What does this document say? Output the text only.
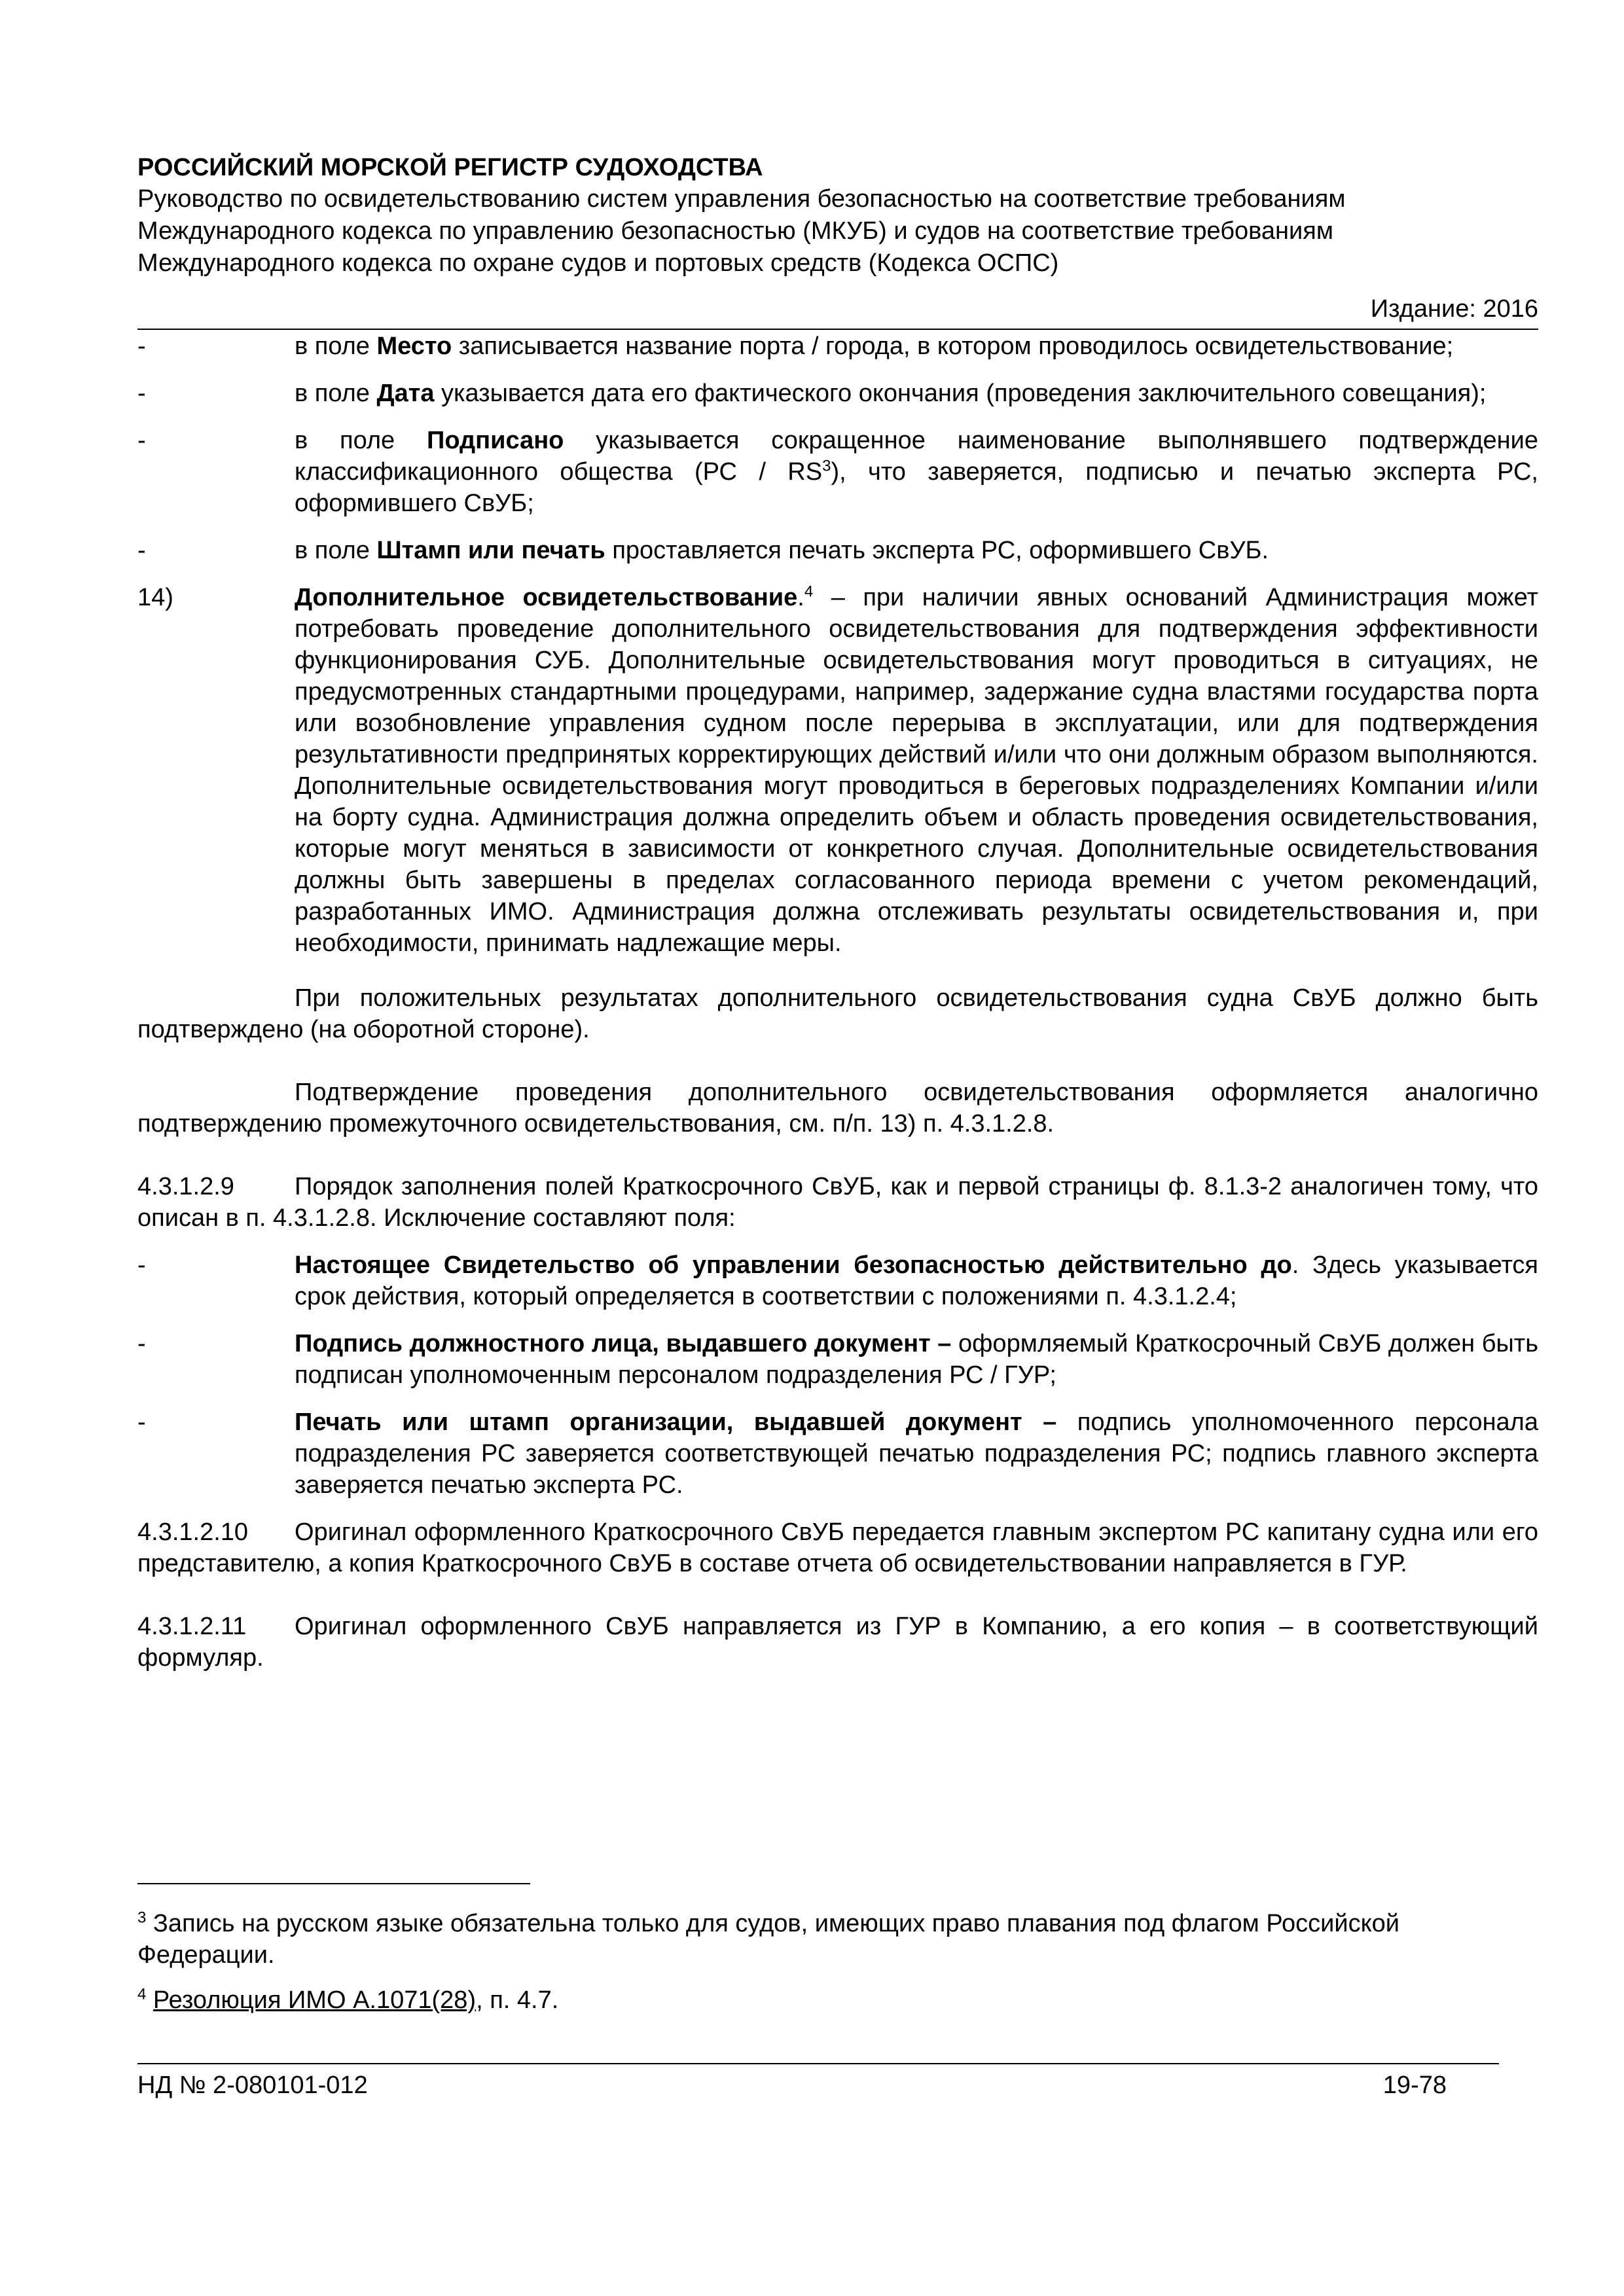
РОССИЙСКИЙ МОРСКОЙ РЕГИСТР СУДОХОДСТВА
Руководство по освидетельствованию систем управления безопасностью на соответствие требованиям
Международного кодекса по управлению безопасностью (МКУБ) и судов на соответствие требованиям
Международного кодекса по охране судов и портовых средств (Кодекса ОСПС)
Издание: 2016
-	в поле Место записывается название порта / города, в котором проводилось освидетельствование;
-	в поле Дата указывается дата его фактического окончания (проведения заключительного совещания);
-	в поле Подписано указывается сокращенное наименование выполнявшего подтверждение классификационного общества $(РС / RS^3)$, что заверяется, подписью и печатью эксперта РС, оформившего СвУБ;
-	в поле Штамп или печать проставляется печать эксперта РС, оформившего СвУБ.
14)	Дополнительное освидетельствование.$^4$ – при наличии явных оснований Администрация может потребовать проведение дополнительного освидетельствования для подтверждения эффективности функционирования СУБ. Дополнительные освидетельствования могут проводиться в ситуациях, не предусмотренных стандартными процедурами, например, задержание судна властями государства порта или возобновление управления судном после перерыва в эксплуатации, или для подтверждения результативности предпринятых корректирующих действий и/или что они должным образом выполняются. Дополнительные освидетельствования могут проводиться в береговых подразделениях Компании и/или на борту судна. Администрация должна определить объем и область проведения освидетельствования, которые могут меняться в зависимости от конкретного случая. Дополнительные освидетельствования должны быть завершены в пределах согласованного периода времени с учетом рекомендаций, разработанных ИМО. Администрация должна отслеживать результаты освидетельствования и, при необходимости, принимать надлежащие меры.
При положительных результатах дополнительного освидетельствования судна СвУБ должно быть подтверждено (на оборотной стороне).
Подтверждение проведения дополнительного освидетельствования оформляется аналогично подтверждению промежуточного освидетельствования, см. п/п. 13) п. 4.3.1.2.8.
4.3.1.2.9 Порядок заполнения полей Краткосрочного СвУБ, как и первой страницы ф. 8.1.3-2 аналогичен тому, что описан в п. 4.3.1.2.8. Исключение составляют поля:
-	Настоящее Свидетельство об управлении безопасностью действительно до. Здесь указывается срок действия, который определяется в соответствии с положениями п. 4.3.1.2.4;
-	Подпись должностного лица, выдавшего документ – оформляемый Краткосрочный СвУБ должен быть подписан уполномоченным персоналом подразделения РС / ГУР;
-	Печать или штамп организации, выдавшей документ – подпись уполномоченного персонала подразделения РС заверяется соответствующей печатью подразделения РС; подпись главного эксперта заверяется печатью эксперта РС.
4.3.1.2.10 Оригинал оформленного Краткосрочного СвУБ передается главным экспертом РС капитану судна или его представителю, а копия Краткосрочного СвУБ в составе отчета об освидетельствовании направляется в ГУР.
4.3.1.2.11 Оригинал оформленного СвУБ направляется из ГУР в Компанию, а его копия – в соответствующий формуляр.
$^3$ Запись на русском языке обязательна только для судов, имеющих право плавания под флагом Российской Федерации.
$^4$ Резолюция ИМО А.1071(28), п. 4.7.
НД № 2-080101-012	19-78
